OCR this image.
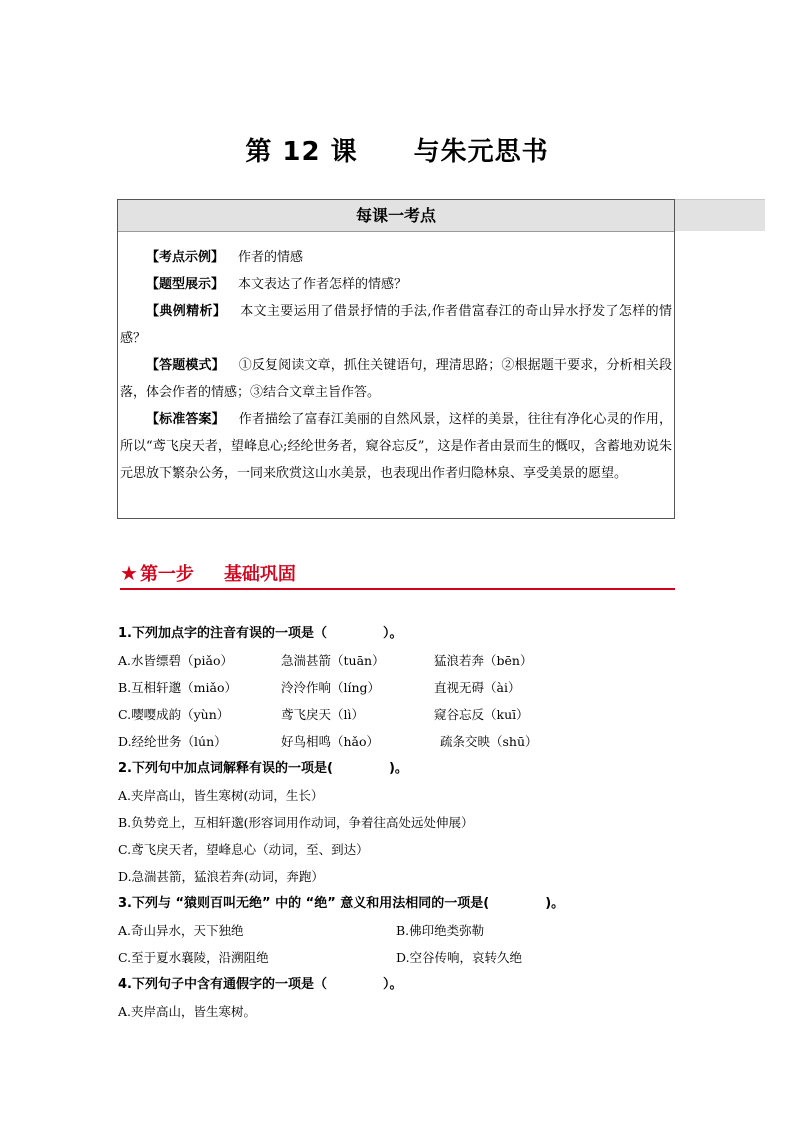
第 12 课 与朱元思书
每课一考点

【考点示例】 作者的情感

【题型展示】 本文表达了作者怎样的情感？

【典例精析】 本文主要运用了借景抒情的手法,作者借富春江的奇山异水抒发了怎样的情感？

【答题模式】 ①反复阅读文章，抓住关键语句，理清思路；②根据题干要求，分析相关段落，体会作者的情感；③结合文章主旨作答。

【标准答案】 作者描绘了富春江美丽的自然风景，这样的美景，往往有净化心灵的作用，所以“鸢飞戾天者，望峰息心;经纶世务者，窥谷忘反”，这是作者由景而生的慨叹，含蓄地劝说朱元思放下繁杂公务，一同来欣赏这山水美景，也表现出作者归隐林泉、享受美景的愿望。

★ 第一步 基础巩固

1.下列加点字的注音有误的一项是（	）。

A.水皆缥碧（piǎo）	急湍甚箭（tuān）	猛浪若奔（bēn）
B.互相轩邈（miǎo）	泠泠作响（líng）	直视无碍（ài）
C.嘤嘤成韵（yùn）	鸢飞戾天（lì）	窥谷忘反（kuī）
D.经纶世务（lún）	好鸟相鸣（hǎo）	疏条交映（shū）

2.下列句中加点词解释有误的一项是(	)。

A.夹岸高山，皆生寒树(动词，生长）
B.负势竞上，互相轩邈(形容词用作动词，争着往高处远处伸展）
C.鸢飞戾天者，望峰息心（动词，至、到达）
D.急湍甚箭，猛浪若奔(动词，奔跑）

3.下列与 “猿则百叫无绝” 中的 “绝” 意义和用法相同的一项是(	)。

A.奇山异水，天下独绝	B.佛印绝类弥勒
C.至于夏水襄陵，沿溯阻绝	D.空谷传响，哀转久绝

4.下列句子中含有通假字的一项是（	）。

A.夹岸高山，皆生寒树。
